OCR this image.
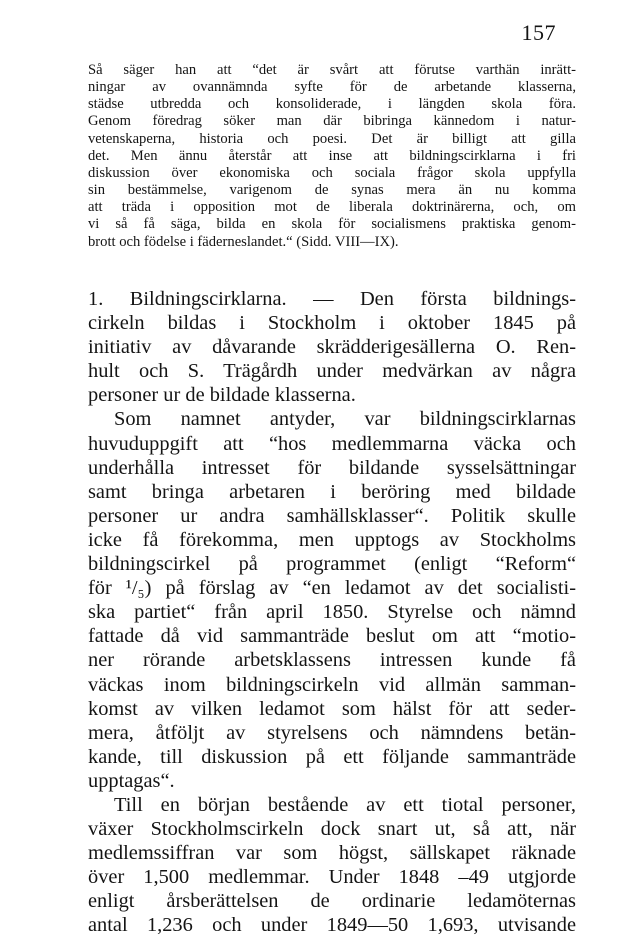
157
Så säger han att “det är svårt att förutse varthän inrätt-
ningar av ovannämnda syfte för de arbetande klasserna,
städse utbredda och konsoliderade, i längden skola föra.
Genom föredrag söker man där bibringa kännedom i natur-
vetenskaperna, historia och poesi. Det är billigt att gilla
det. Men ännu återstår att inse att bildningscirklarna i fri
diskussion över ekonomiska och sociala frågor skola uppfylla
sin bestämmelse, varigenom de synas mera än nu komma
att träda i opposition mot de liberala doktrinärerna, och, om
vi så få säga, bilda en skola för socialismens praktiska genom-
brott och födelse i fäderneslandet.“ (Sidd. VIII—IX).
1. Bildningscirklarna. — Den första bildnings-
cirkeln bildas i Stockholm i oktober 1845 på
initiativ av dåvarande skrädderigesällerna O. Ren-
hult och S. Trägårdh under medvärkan av några
personer ur de bildade klasserna.
Som namnet antyder, var bildningscirklarnas
huvuduppgift att “hos medlemmarna väcka och
underhålla intresset för bildande sysselsättningar
samt bringa arbetaren i beröring med bildade
personer ur andra samhällsklasser“. Politik skulle
icke få förekomma, men upptogs av Stockholms
bildningscirkel på programmet (enligt “Reform“
för ¹/₅) på förslag av “en ledamot av det socialisti-
ska partiet“ från april 1850. Styrelse och nämnd
fattade då vid sammanträde beslut om att “motio-
ner rörande arbetsklassens intressen kunde få
väckas inom bildningscirkeln vid allmän samman-
komst av vilken ledamot som hälst för att seder-
mera, åtföljt av styrelsens och nämndens betän-
kande, till diskussion på ett följande sammanträde
upptagas“.
Till en början bestående av ett tiotal personer,
växer Stockholmscirkeln dock snart ut, så att, när
medlemssiffran var som högst, sällskapet räknade
över 1,500 medlemmar. Under 1848 –49 utgjorde
enligt årsberättelsen de ordinarie ledamöternas
antal 1,236 och under 1849—50 1,693, utvisande
